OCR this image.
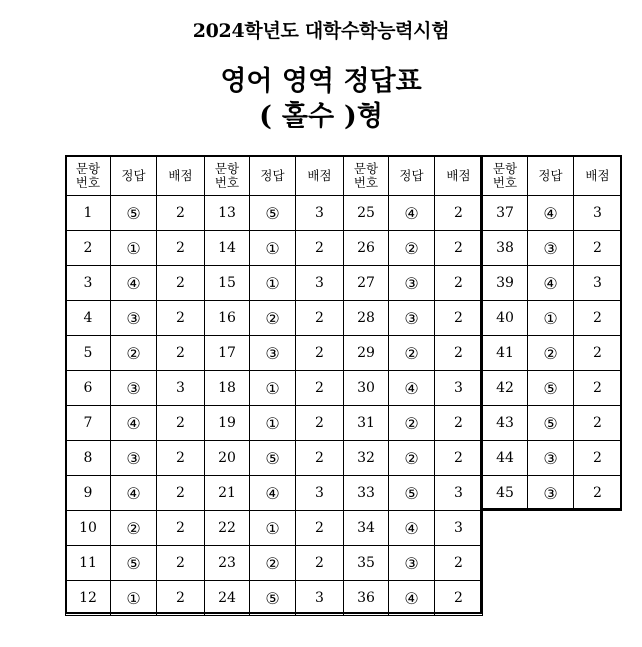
2024학년도 대학수학능력시험
영어 영역 정답표
( 홀수 )형
2
③
45
2
③
44
2
⑤
43
2
⑤
42
2
②
41
2
①
40
3
④
39
2
③
38
3
④
37
배점
정답
문항
번호
2
④
36
2
③
35
3
④
34
3
⑤
33
2
②
32
2
②
31
3
④
30
2
②
29
2
③
28
2
③
27
2
②
26
2
④
25
배점
정답
문항
번호
3
⑤
24
2
②
23
2
①
22
3
④
21
2
⑤
20
2
①
19
2
①
18
2
③
17
2
②
16
3
①
15
2
①
14
3
⑤
13
배점
정답
문항
번호
2
①
12
2
⑤
11
2
②
10
2
④
9
2
③
8
2
④
7
3
③
6
2
②
5
2
③
4
2
④
3
2
①
2
2
⑤
1
배점
정답
문항
번호
